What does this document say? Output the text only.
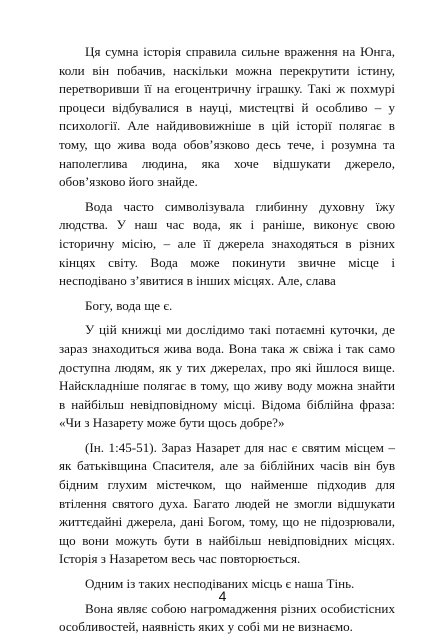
Ця сумна історія справила сильне враження на Юнга, коли він побачив, наскільки можна перекрутити істину, перетворивши її на егоцентричну іграшку. Такі ж похмурі процеси відбувалися в науці, мистецтві й особливо – у психології. Але найдивовижніше в цій історії полягає в тому, що жива вода обов’язково десь тече, і розумна та наполеглива людина, яка хоче відшукати джерело, обов’язково його знайде.

Вода часто символізувала глибинну духовну їжу людства. У наш час вода, як і раніше, виконує свою історичну місію, – але її джерела знаходяться в різних кінцях світу. Вода може покинути звичне місце і несподівано з’явитися в інших місцях. Але, слава

Богу, вода ще є.

У цій книжці ми дослідимо такі потаємні куточки, де зараз знаходиться жива вода. Вона така ж свіжа і так само доступна людям, як у тих джерелах, про які йшлося вище. Найскладніше полягає в тому, що живу воду можна знайти в найбільш невідповідному місці. Відома біблійна фраза: «Чи з Назарету може бути щось добре?»

(Ін. 1:45-51). Зараз Назарет для нас є святим місцем – як батьківщина Спасителя, але за біблійних часів він був бідним глухим містечком, що найменше підходив для втілення святого духа. Багато людей не змогли відшукати життєдайні джерела, дані Богом, тому, що не підозрювали, що вони можуть бути в найбільш невідповідних місцях. Історія з Назаретом весь час повторюється.

Одним із таких несподіваних місць є наша Тінь.

Вона являє собою нагромадження різних особистісних особливостей, наявність яких у собі ми не визнаємо.

4
